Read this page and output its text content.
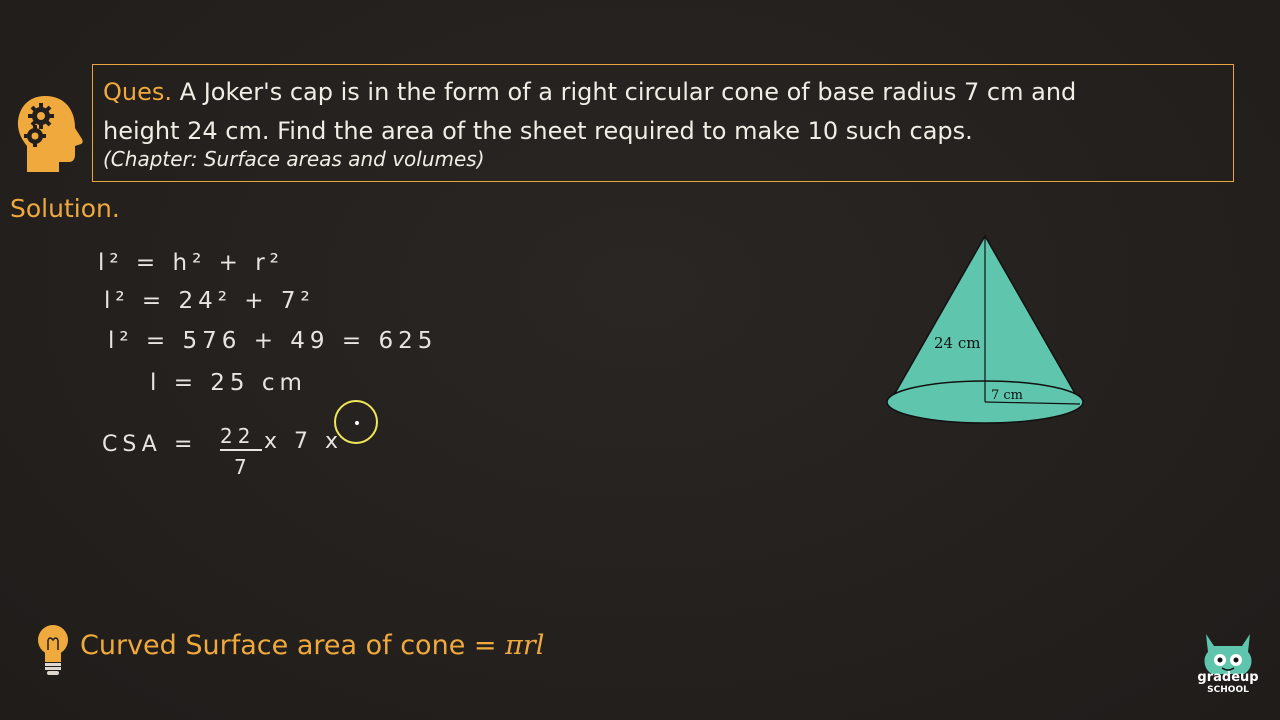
Ques. A Joker's cap is in the form of a right circular cone of base radius 7 cm and
height 24 cm. Find the area of the sheet required to make 10 such caps.
(Chapter: Surface areas and volumes)
Solution.
l² = h² + r²
l² = 24² + 7²
l² = 576 + 49 = 625
l = 25 cm
CSA = 22
7
x 7 x
24 cm
7 cm
Curved Surface area of cone = πrl
gradeup
SCHOOL
